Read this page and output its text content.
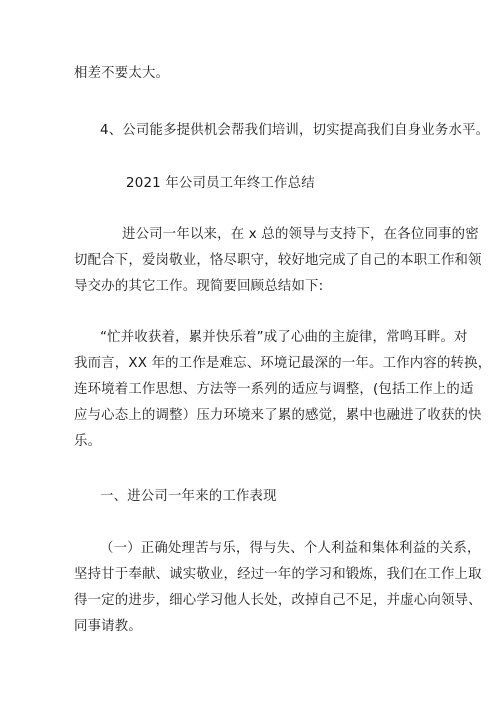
相差不要太大。

4、公司能多提供机会帮我们培训，切实提高我们自身业务水平。

2021 年公司员工年终工作总结

进公司一年以来，在 x 总的领导与支持下，在各位同事的密
切配合下，爱岗敬业，恪尽职守，较好地完成了自己的本职工作和领
导交办的其它工作。现简要回顾总结如下:

“忙并收获着，累并快乐着”成了心曲的主旋律，常鸣耳畔。对
我而言，XX 年的工作是难忘、环境记最深的一年。工作内容的转换，
连环境着工作思想、方法等一系列的适应与调整，(包括工作上的适
应与心态上的调整）压力环境来了累的感觉，累中也融进了收获的快
乐。

一、进公司一年来的工作表现

（一）正确处理苦与乐，得与失、个人利益和集体利益的关系，
坚持甘于奉献、诚实敬业，经过一年的学习和锻炼，我们在工作上取
得一定的进步，细心学习他人长处，改掉自己不足，并虚心向领导、
同事请教。
